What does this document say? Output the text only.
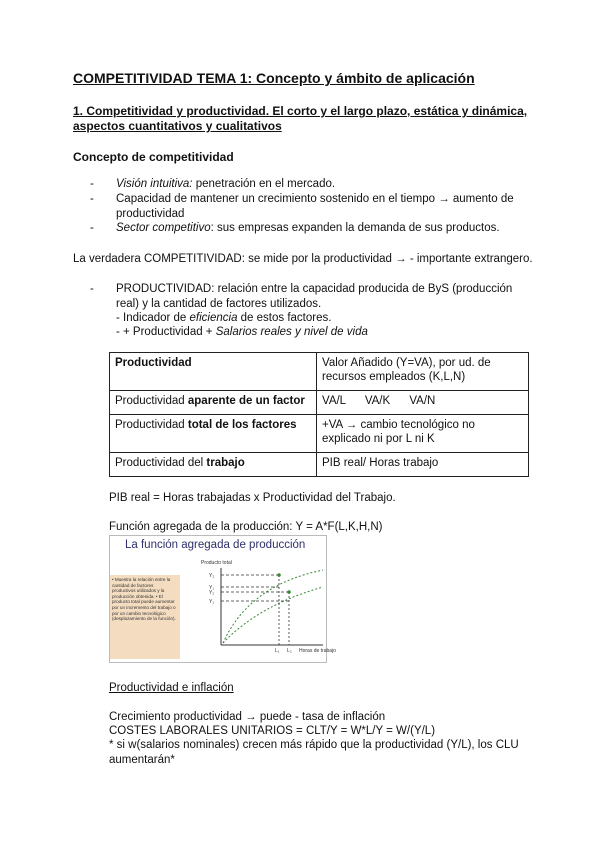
COMPETITIVIDAD TEMA 1: Concepto y ámbito de aplicación
1. Competitividad y productividad. El corto y el largo plazo, estática y dinámica, aspectos cuantitativos y cualitativos
Concepto de competitividad
- Visión intuitiva: penetración en el mercado.
- Capacidad de mantener un crecimiento sostenido en el tiempo → aumento de productividad
- Sector competitivo: sus empresas expanden la demanda de sus productos.
La verdadera COMPETITIVIDAD: se mide por la productividad → - importante extrangero.
- PRODUCTIVIDAD: relación entre la capacidad producida de ByS (producción real) y la cantidad de factores utilizados.
- Indicador de eficiencia de estos factores.
- + Productividad + Salarios reales y nivel de vida
Productividad	Valor Añadido (Y=VA), por ud. de recursos empleados (K,L,N)
Productividad aparente de un factor	VA/L      VA/K      VA/N
Productividad total de los factores	+VA → cambio tecnológico no explicado ni por L ni K
Productividad del trabajo	PIB real/ Horas trabajo
PIB real = Horas trabajadas x Productividad del Trabajo.
Función agregada de la producción: Y = A*F(L,K,H,N)
La función agregada de producción
Producto total
Y₂
Y₁
Y₂
Y₁
L₁ L₂ Horas de trabajo
• Muestra la relación entre la cantidad de factores productivos utilizados y la producción obtenida. • El producto total puede aumentar por un incremento del trabajo o por un cambio tecnológico (desplazamiento de la función).
Productividad e inflación
Crecimiento productividad → puede - tasa de inflación
COSTES LABORALES UNITARIOS = CLT/Y = W*L/Y = W/(Y/L)
* si w(salarios nominales) crecen más rápido que la productividad (Y/L), los CLU aumentarán*
